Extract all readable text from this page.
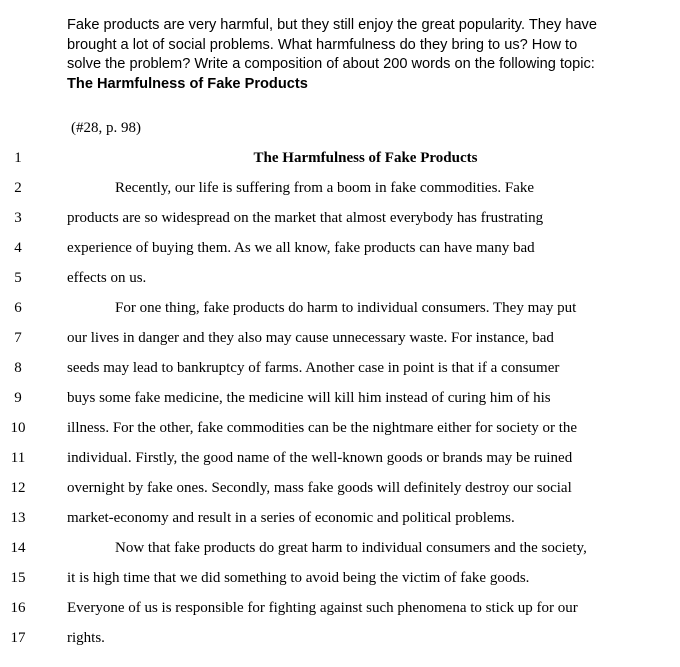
Fake products are very harmful, but they still enjoy the great popularity. They have
brought a lot of social problems. What harmfulness do they bring to us? How to
solve the problem? Write a composition of about 200 words on the following topic:
The Harmfulness of Fake Products
(#28, p. 98)
1	The Harmfulness of Fake Products
2	Recently, our life is suffering from a boom in fake commodities. Fake
3	products are so widespread on the market that almost everybody has frustrating
4	experience of buying them. As we all know, fake products can have many bad
5	effects on us.
6	For one thing, fake products do harm to individual consumers. They may put
7	our lives in danger and they also may cause unnecessary waste. For instance, bad
8	seeds may lead to bankruptcy of farms. Another case in point is that if a consumer
9	buys some fake medicine, the medicine will kill him instead of curing him of his
10	illness. For the other, fake commodities can be the nightmare either for society or the
11	individual. Firstly, the good name of the well-known goods or brands may be ruined
12	overnight by fake ones. Secondly, mass fake goods will definitely destroy our social
13	market-economy and result in a series of economic and political problems.
14	Now that fake products do great harm to individual consumers and the society,
15	it is high time that we did something to avoid being the victim of fake goods.
16	Everyone of us is responsible for fighting against such phenomena to stick up for our
17	rights.
